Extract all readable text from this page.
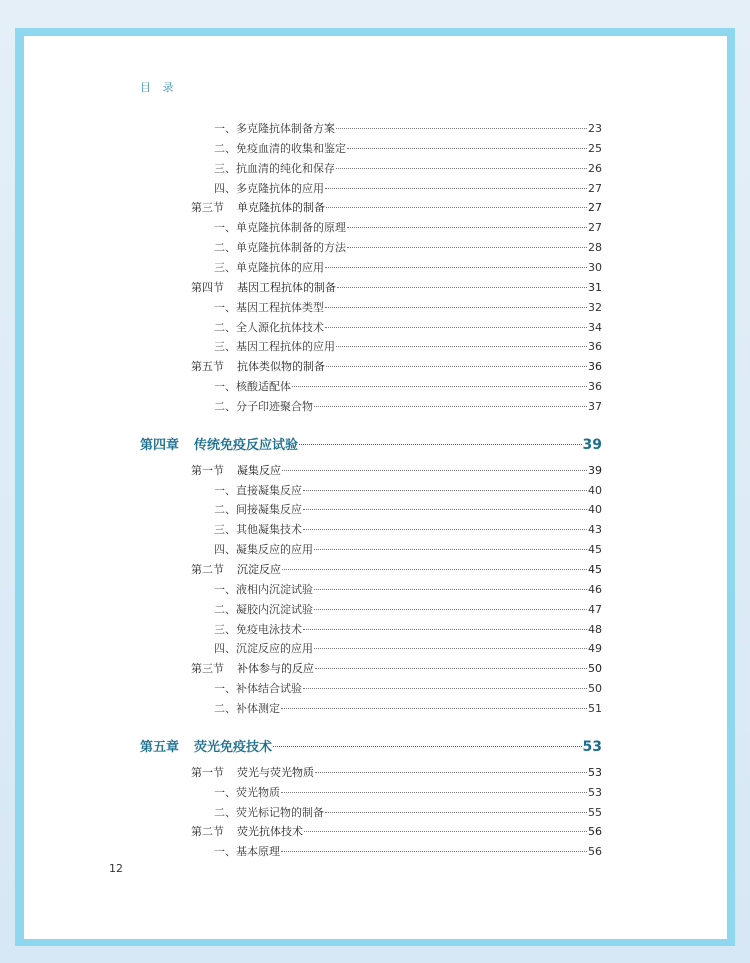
目 录
一、多克隆抗体制备方案	23
二、免疫血清的收集和鉴定	25
三、抗血清的纯化和保存	26
四、多克隆抗体的应用	27
第三节 单克隆抗体的制备	27
一、单克隆抗体制备的原理	27
二、单克隆抗体制备的方法	28
三、单克隆抗体的应用	30
第四节 基因工程抗体的制备	31
一、基因工程抗体类型	32
二、全人源化抗体技术	34
三、基因工程抗体的应用	36
第五节 抗体类似物的制备	36
一、核酸适配体	36
二、分子印迹聚合物	37
第四章 传统免疫反应试验	39
第一节 凝集反应	39
一、直接凝集反应	40
二、间接凝集反应	40
三、其他凝集技术	43
四、凝集反应的应用	45
第二节 沉淀反应	45
一、液相内沉淀试验	46
二、凝胶内沉淀试验	47
三、免疫电泳技术	48
四、沉淀反应的应用	49
第三节 补体参与的反应	50
一、补体结合试验	50
二、补体测定	51
第五章 荧光免疫技术	53
第一节 荧光与荧光物质	53
一、荧光物质	53
二、荧光标记物的制备	55
第二节 荧光抗体技术	56
一、基本原理	56
12
